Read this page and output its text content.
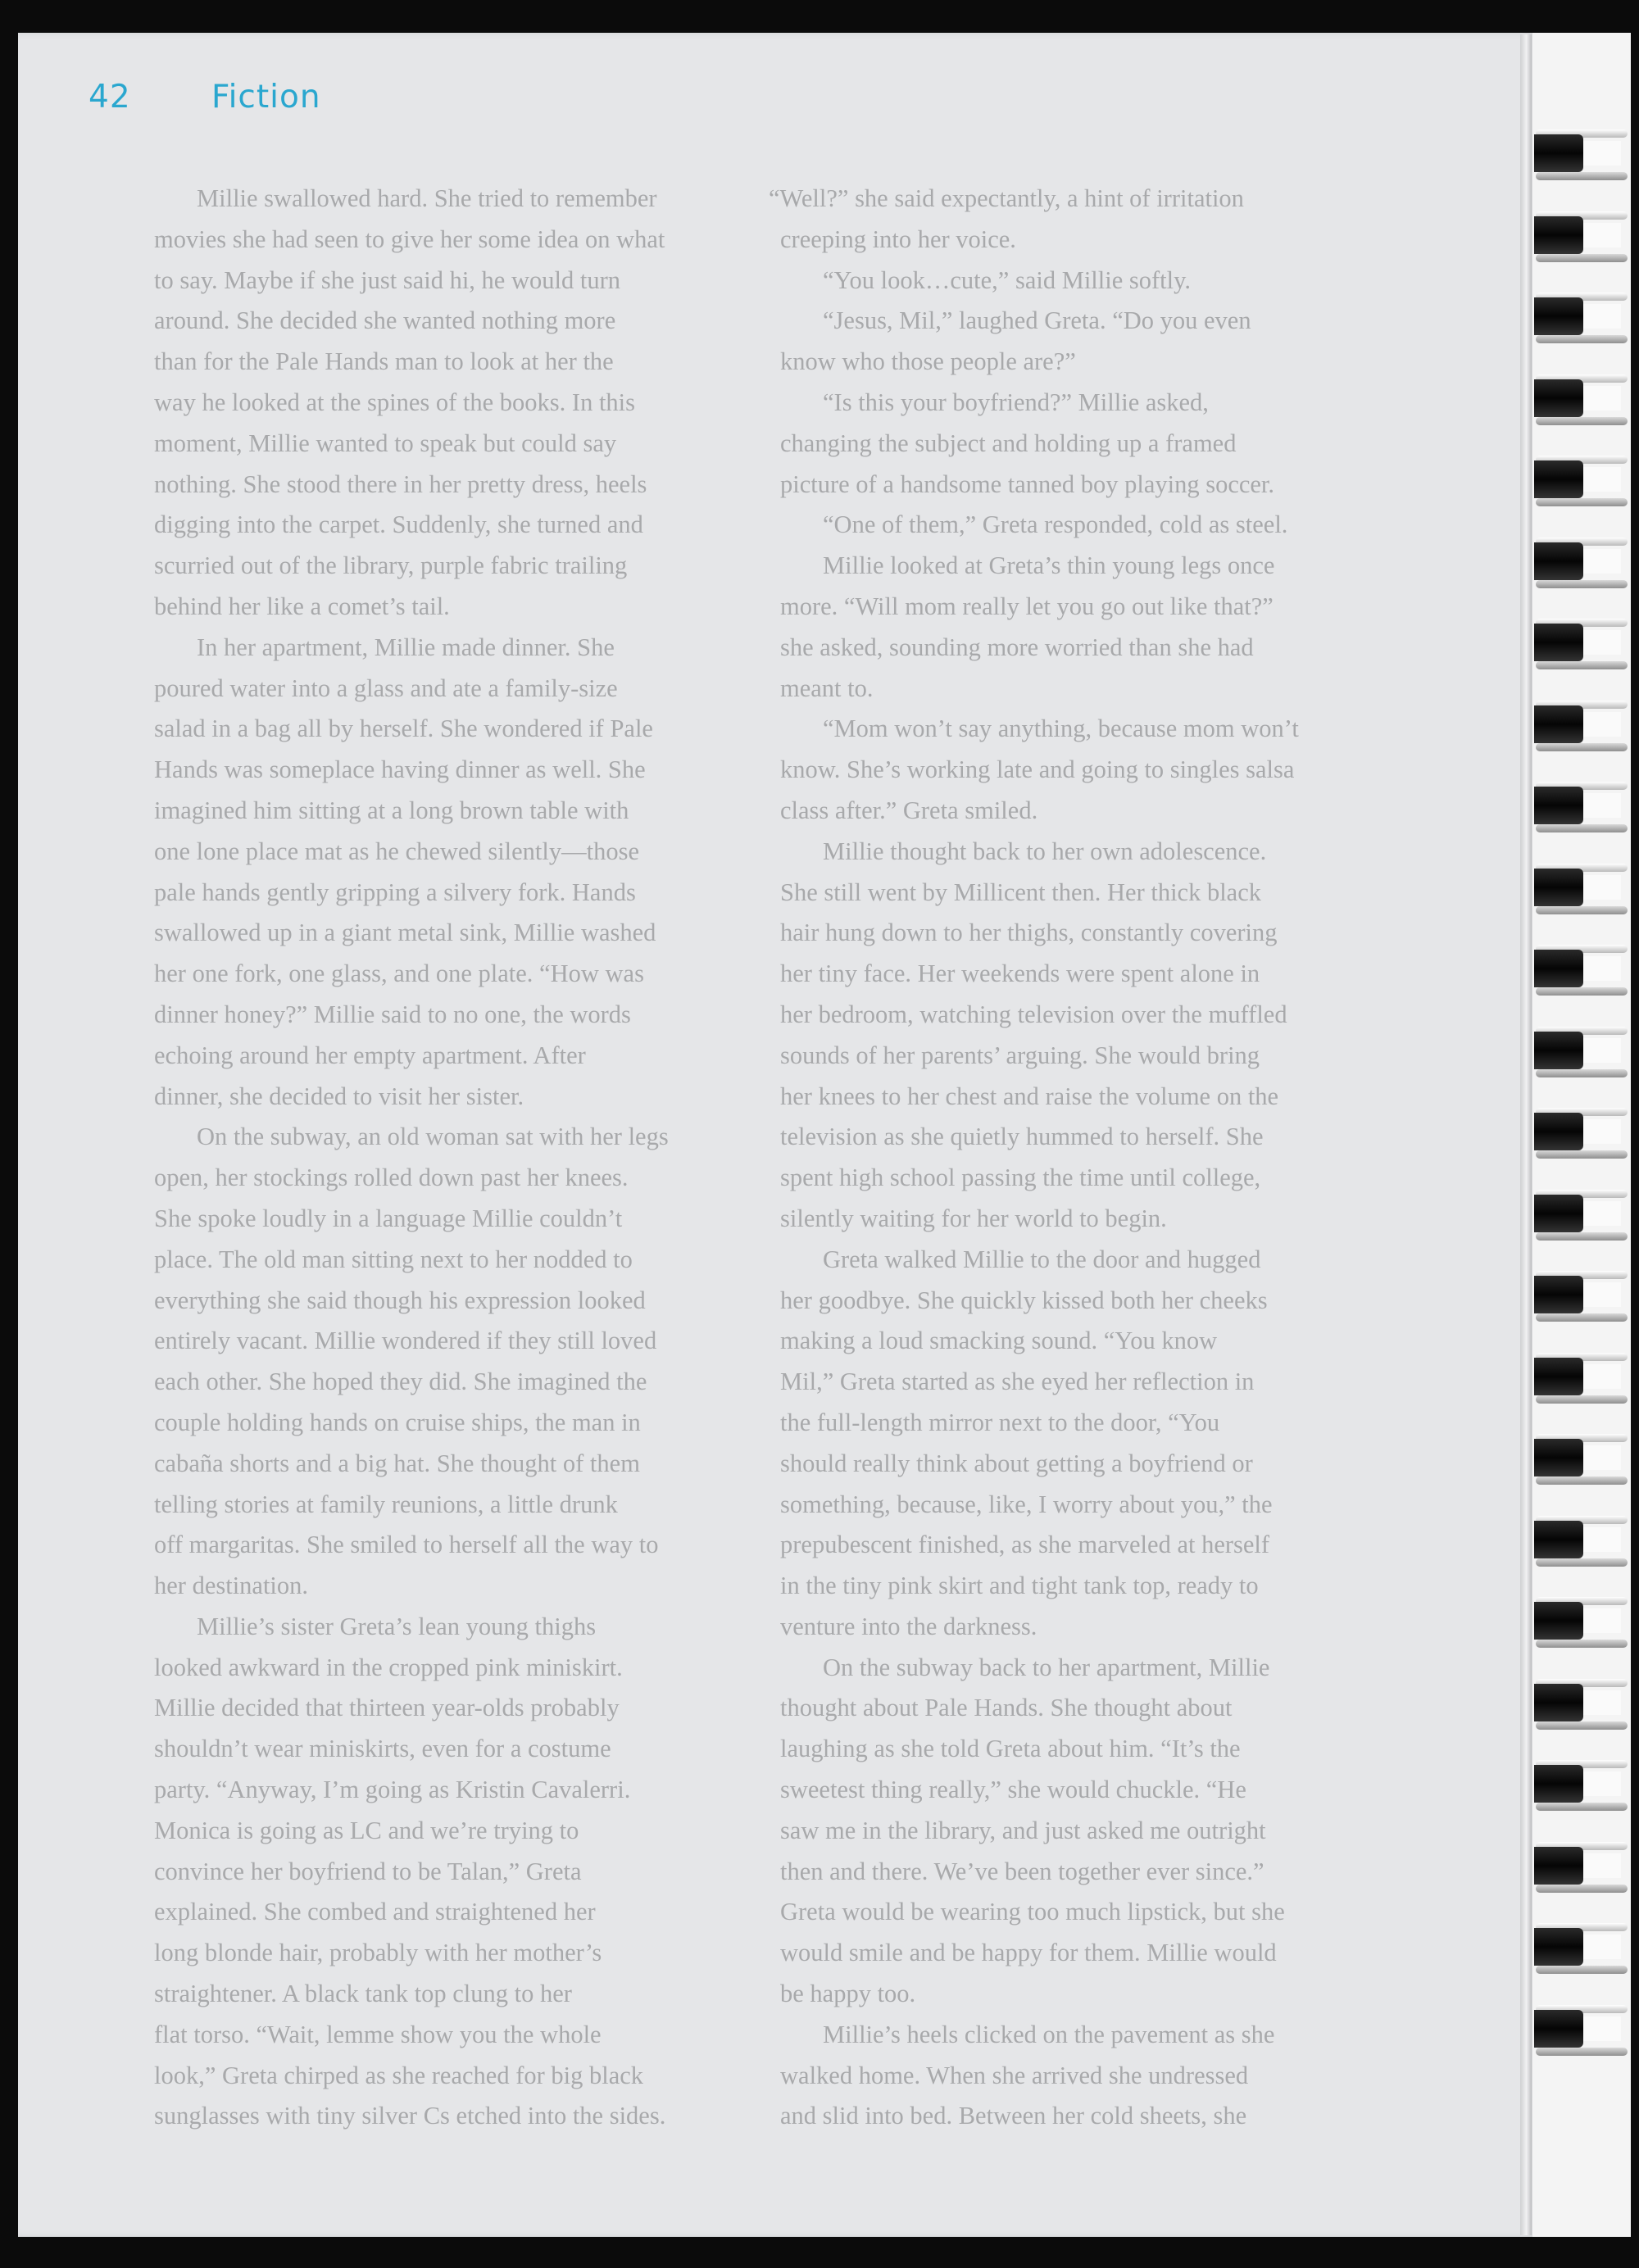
42	Fiction
Millie swallowed hard. She tried to remember
movies she had seen to give her some idea on what
to say. Maybe if she just said hi, he would turn
around. She decided she wanted nothing more
than for the Pale Hands man to look at her the
way he looked at the spines of the books. In this
moment, Millie wanted to speak but could say
nothing. She stood there in her pretty dress, heels
digging into the carpet. Suddenly, she turned and
scurried out of the library, purple fabric trailing
behind her like a comet’s tail.
In her apartment, Millie made dinner. She
poured water into a glass and ate a family-size
salad in a bag all by herself. She wondered if Pale
Hands was someplace having dinner as well. She
imagined him sitting at a long brown table with
one lone place mat as he chewed silently—those
pale hands gently gripping a silvery fork. Hands
swallowed up in a giant metal sink, Millie washed
her one fork, one glass, and one plate. “How was
dinner honey?” Millie said to no one, the words
echoing around her empty apartment. After
dinner, she decided to visit her sister.
On the subway, an old woman sat with her legs
open, her stockings rolled down past her knees.
She spoke loudly in a language Millie couldn’t
place. The old man sitting next to her nodded to
everything she said though his expression looked
entirely vacant. Millie wondered if they still loved
each other. She hoped they did. She imagined the
couple holding hands on cruise ships, the man in
cabaña shorts and a big hat. She thought of them
telling stories at family reunions, a little drunk
off margaritas. She smiled to herself all the way to
her destination.
Millie’s sister Greta’s lean young thighs
looked awkward in the cropped pink miniskirt.
Millie decided that thirteen year-olds probably
shouldn’t wear miniskirts, even for a costume
party. “Anyway, I’m going as Kristin Cavalerri.
Monica is going as LC and we’re trying to
convince her boyfriend to be Talan,” Greta
explained. She combed and straightened her
long blonde hair, probably with her mother’s
straightener. A black tank top clung to her
flat torso. “Wait, lemme show you the whole
look,” Greta chirped as she reached for big black
sunglasses with tiny silver Cs etched into the sides.
“Well?” she said expectantly, a hint of irritation
creeping into her voice.
“You look…cute,” said Millie softly.
“Jesus, Mil,” laughed Greta. “Do you even
know who those people are?”
“Is this your boyfriend?” Millie asked,
changing the subject and holding up a framed
picture of a handsome tanned boy playing soccer.
“One of them,” Greta responded, cold as steel.
Millie looked at Greta’s thin young legs once
more. “Will mom really let you go out like that?”
she asked, sounding more worried than she had
meant to.
“Mom won’t say anything, because mom won’t
know. She’s working late and going to singles salsa
class after.” Greta smiled.
Millie thought back to her own adolescence.
She still went by Millicent then. Her thick black
hair hung down to her thighs, constantly covering
her tiny face. Her weekends were spent alone in
her bedroom, watching television over the muffled
sounds of her parents’ arguing. She would bring
her knees to her chest and raise the volume on the
television as she quietly hummed to herself. She
spent high school passing the time until college,
silently waiting for her world to begin.
Greta walked Millie to the door and hugged
her goodbye. She quickly kissed both her cheeks
making a loud smacking sound. “You know
Mil,” Greta started as she eyed her reflection in
the full-length mirror next to the door, “You
should really think about getting a boyfriend or
something, because, like, I worry about you,” the
prepubescent finished, as she marveled at herself
in the tiny pink skirt and tight tank top, ready to
venture into the darkness.
On the subway back to her apartment, Millie
thought about Pale Hands. She thought about
laughing as she told Greta about him. “It’s the
sweetest thing really,” she would chuckle. “He
saw me in the library, and just asked me outright
then and there. We’ve been together ever since.”
Greta would be wearing too much lipstick, but she
would smile and be happy for them. Millie would
be happy too.
Millie’s heels clicked on the pavement as she
walked home. When she arrived she undressed
and slid into bed. Between her cold sheets, she
